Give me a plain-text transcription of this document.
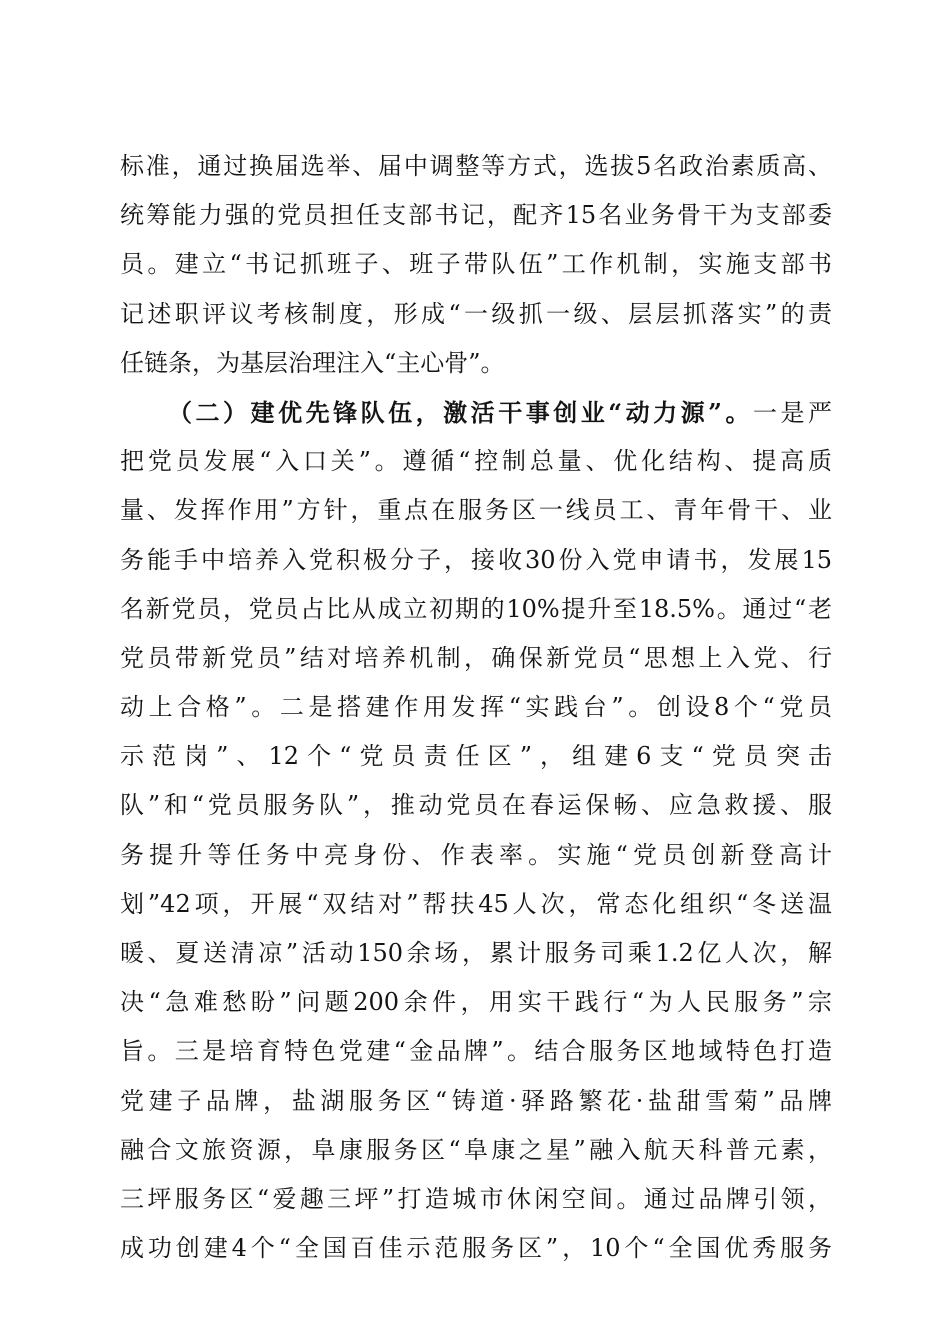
标准，通过换届选举、届中调整等方式，选拔5名政治素质高、
统筹能力强的党员担任支部书记，配齐15名业务骨干为支部委
员。建立“书记抓班子、班子带队伍”工作机制，实施支部书
记述职评议考核制度，形成“一级抓一级、层层抓落实”的责
任链条，为基层治理注入“主心骨”。
（二）建优先锋队伍，激活干事创业“动力源”。一是严
把党员发展“入口关”。遵循“控制总量、优化结构、提高质
量、发挥作用”方针，重点在服务区一线员工、青年骨干、业
务能手中培养入党积极分子，接收30份入党申请书，发展15
名新党员，党员占比从成立初期的10%提升至18.5%。通过“老
党员带新党员”结对培养机制，确保新党员“思想上入党、行
动上合格”。二是搭建作用发挥“实践台”。创设8个“党员
示范岗”、12个“党员责任区”，组建6支“党员突击
队”和“党员服务队”，推动党员在春运保畅、应急救援、服
务提升等任务中亮身份、作表率。实施“党员创新登高计
划”42项，开展“双结对”帮扶45人次，常态化组织“冬送温
暖、夏送清凉”活动150余场，累计服务司乘1.2亿人次，解
决“急难愁盼”问题200余件，用实干践行“为人民服务”宗
旨。三是培育特色党建“金品牌”。结合服务区地域特色打造
党建子品牌，盐湖服务区“铸道·驿路繁花·盐甜雪菊”品牌
融合文旅资源，阜康服务区“阜康之星”融入航天科普元素，
三坪服务区“爱趣三坪”打造城市休闲空间。通过品牌引领，
成功创建4个“全国百佳示范服务区”，10个“全国优秀服务
